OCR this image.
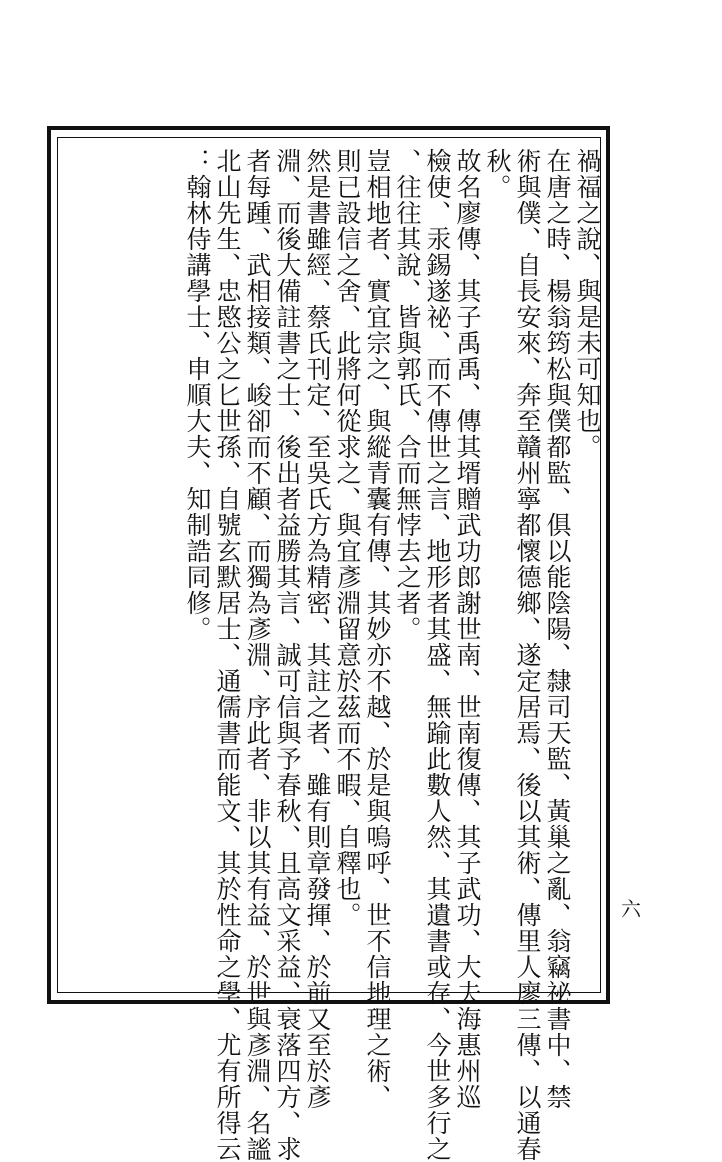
禍福之說、與是未可知也。
在唐之時、楊翁筠松與僕都監、俱以能陰陽、隸司天監、黃巢之亂、翁竊祕書中、禁
術與僕、自長安來、奔至贛州寧都懷德鄉、遂定居焉、後以其術、傳里人廖三傳、以通春
秋。
故名廖傳、其子禹禹、傳其壻贈武功郎謝世南、世南復傳、其子武功、大夫海惠州巡
檢使、汞錫遂祕、而不傳世之言、地形者其盛、無踰此數人然、其遺書或存、今世多行之
、往往其說、皆與郭氏、合而無悖去之者。
豈相地者、實宜宗之、與縱青囊有傳、其妙亦不越、於是與嗚呼、世不信地理之術、
則已設信之舍、此將何從求之、與宜彥淵留意於茲而不暇、自釋也。
然是書雖經、蔡氏刊定、至吳氏方為精密、其註之者、雖有則章發揮、於前又至於彥
淵、而後大備註書之士、後出者益勝其言、誠可信與予春秋、且高文采益、衰落四方、求
者每踵、武相接類、峻卻而不顧、而獨為彥淵、序此者、非以其有益、於世與彥淵、名謐
北山先生、忠愍公之匕世孫、自號玄默居士、通儒書而能文、其於性命之學、尤有所得云
：翰林侍講學士、申順大夫、知制誥同修。
六
